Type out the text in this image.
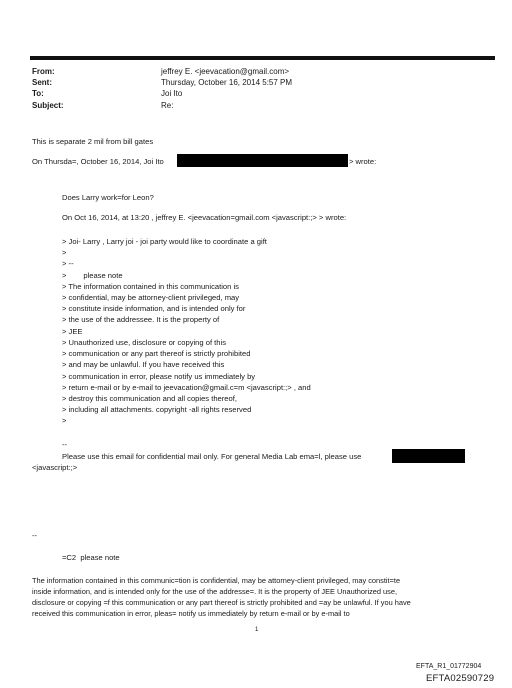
From:	jeffrey E. <jeevacation@gmail.com>
Sent:	Thursday, October 16, 2014 5:57 PM
To:	Joi Ito
Subject:	Re:
This is separate 2 mil from bill gates
On Thursda=, October 16, 2014, Joi Ito	> wrote:
Does Larry work=for Leon?
On Oct 16, 2014, at 13:20 , jeffrey E. <jeevacation=gmail.com <javascript:;> > wrote:
> Joi- Larry , Larry joi - joi party would like to coordinate a gift
>
> --
>        please note
> The information contained in this communication is
> confidential, may be attorney-client privileged, may
> constitute inside information, and is intended only for
> the use of the addressee. It is the property of
> JEE
> Unauthorized use, disclosure or copying of this
> communication or any part thereof is strictly prohibited
> and may be unlawful. If you have received this
> communication in error, please notify us immediately by
> return e-mail or by e-mail to jeevacation@gmail.c=m <javascript:;> , and
> destroy this communication and all copies thereof,
> including all attachments. copyright -all rights reserved
>
--
Please use this email for confidential mail only. For general Media Lab ema=l, please use
<javascript:;>
--
=C2  please note
The information contained in this communic=tion is confidential, may be attorney-client privileged, may constit=te
inside information, and is intended only for the use of the addresse=. It is the property of JEE Unauthorized use,
disclosure or copying =f this communication or any part thereof is strictly prohibited and =ay be unlawful. If you have
received this communication in error, pleas= notify us immediately by return e-mail or by e-mail to
1
EFTA_R1_01772904
EFTA02590729
